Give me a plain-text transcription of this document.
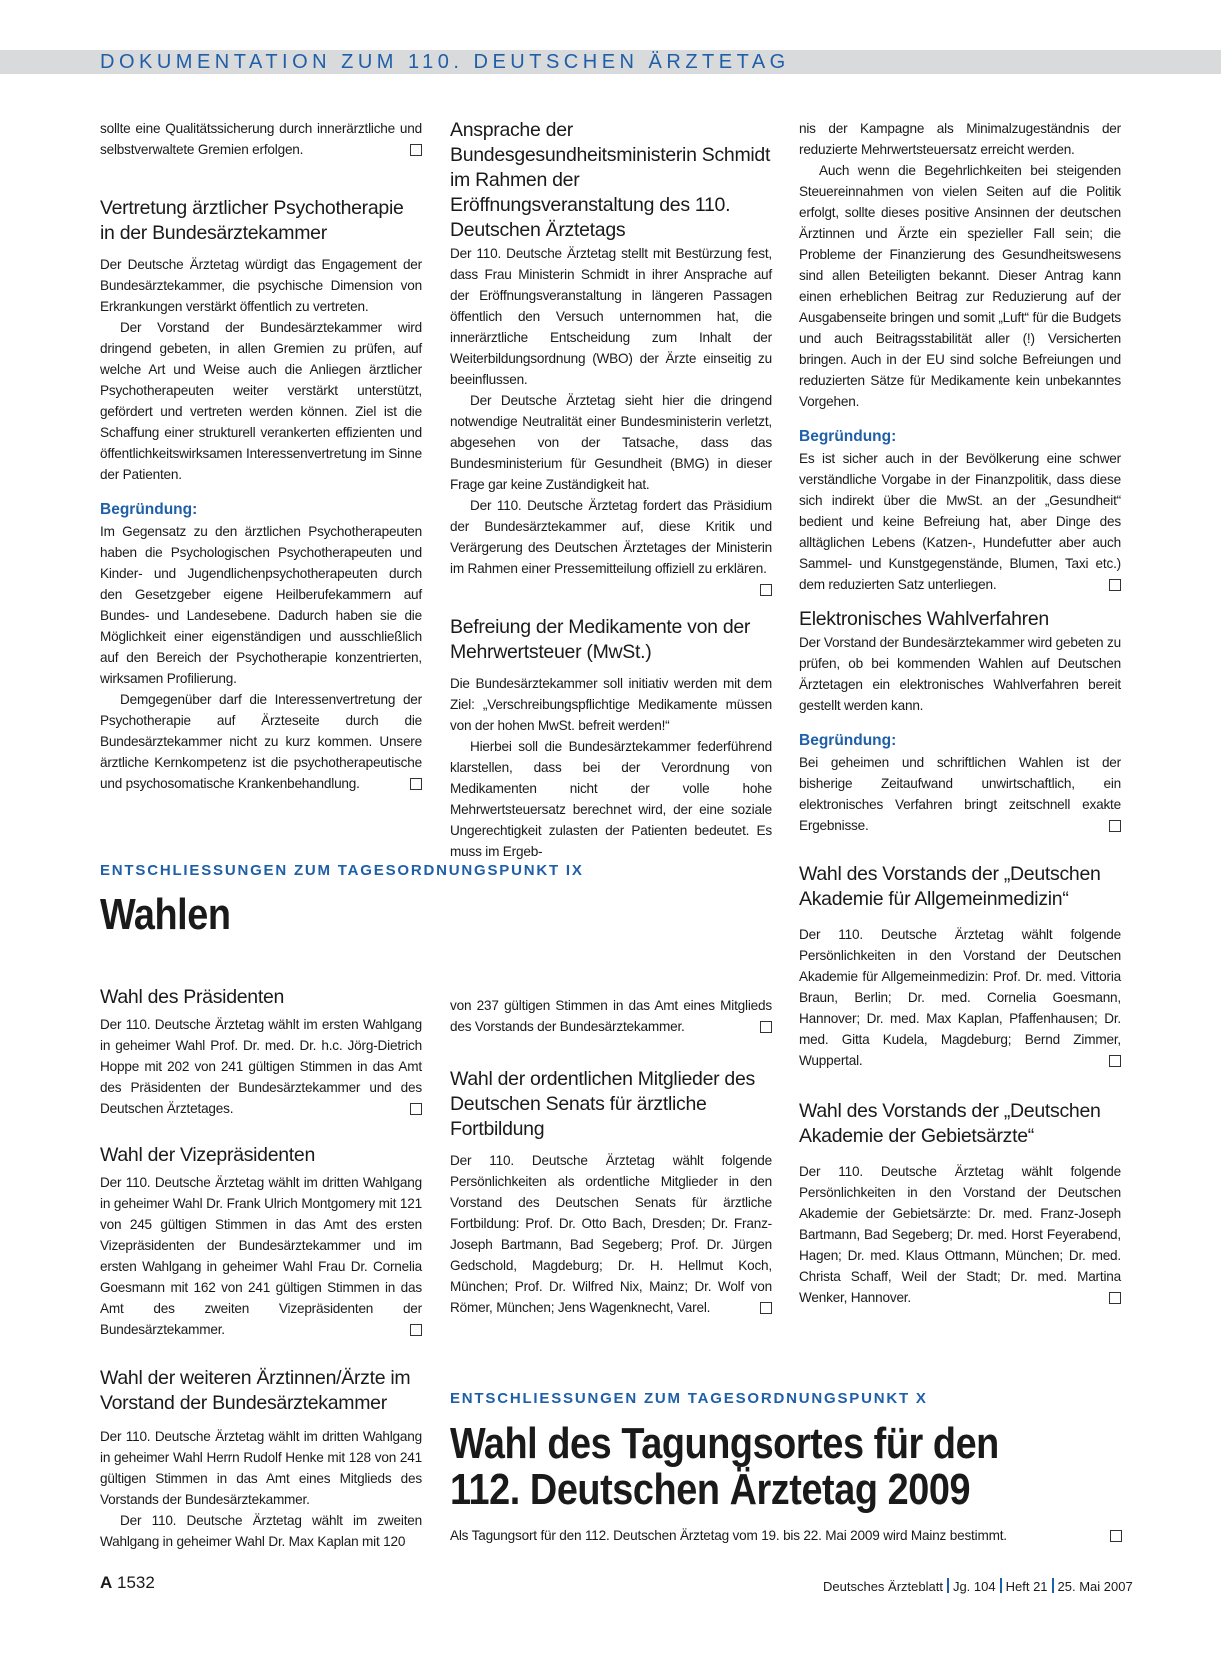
DOKUMENTATION ZUM 110. DEUTSCHEN ÄRZTETAG

sollte eine Qualitätssicherung durch innerärztliche und selbstverwaltete Gremien erfolgen.

Vertretung ärztlicher Psychotherapie in der Bundesärztekammer

Der Deutsche Ärztetag würdigt das Engagement der Bundesärztekammer, die psychische Dimension von Erkrankungen verstärkt öffentlich zu vertreten.

Der Vorstand der Bundesärztekammer wird dringend gebeten, in allen Gremien zu prüfen, auf welche Art und Weise auch die Anliegen ärztlicher Psychotherapeuten weiter verstärkt unterstützt, gefördert und vertreten werden können. Ziel ist die Schaffung einer strukturell verankerten effizienten und öffentlichkeitswirksamen Interessenvertretung im Sinne der Patienten.

Begründung:

Im Gegensatz zu den ärztlichen Psychotherapeuten haben die Psychologischen Psychotherapeuten und Kinder- und Jugendlichenpsychotherapeuten durch den Gesetzgeber eigene Heilberufekammern auf Bundes- und Landesebene. Dadurch haben sie die Möglichkeit einer eigenständigen und ausschließlich auf den Bereich der Psychotherapie konzentrierten, wirksamen Profilierung.

Demgegenüber darf die Interessenvertretung der Psychotherapie auf Ärzteseite durch die Bundesärztekammer nicht zu kurz kommen. Unsere ärztliche Kernkompetenz ist die psychotherapeutische und psychosomatische Krankenbehandlung.

Ansprache der Bundesgesundheitsministerin Schmidt im Rahmen der Eröffnungsveranstaltung des 110. Deutschen Ärztetags

Der 110. Deutsche Ärztetag stellt mit Bestürzung fest, dass Frau Ministerin Schmidt in ihrer Ansprache auf der Eröffnungsveranstaltung in längeren Passagen öffentlich den Versuch unternommen hat, die innerärztliche Entscheidung zum Inhalt der Weiterbildungsordnung (WBO) der Ärzte einseitig zu beeinflussen.

Der Deutsche Ärztetag sieht hier die dringend notwendige Neutralität einer Bundesministerin verletzt, abgesehen von der Tatsache, dass das Bundesministerium für Gesundheit (BMG) in dieser Frage gar keine Zuständigkeit hat.

Der 110. Deutsche Ärztetag fordert das Präsidium der Bundesärztekammer auf, diese Kritik und Verärgerung des Deutschen Ärztetages der Ministerin im Rahmen einer Pressemitteilung offiziell zu erklären.

Befreiung der Medikamente von der Mehrwertsteuer (MwSt.)

Die Bundesärztekammer soll initiativ werden mit dem Ziel: „Verschreibungspflichtige Medikamente müssen von der hohen MwSt. befreit werden!“

Hierbei soll die Bundesärztekammer federführend klarstellen, dass bei der Verordnung von Medikamenten nicht der volle hohe Mehrwertsteuersatz berechnet wird, der eine soziale Ungerechtigkeit zulasten der Patienten bedeutet. Es muss im Ergeb-

nis der Kampagne als Minimalzugeständnis der reduzierte Mehrwertsteuersatz erreicht werden.

Auch wenn die Begehrlichkeiten bei steigenden Steuereinnahmen von vielen Seiten auf die Politik erfolgt, sollte dieses positive Ansinnen der deutschen Ärztinnen und Ärzte ein spezieller Fall sein; die Probleme der Finanzierung des Gesundheitswesens sind allen Beteiligten bekannt. Dieser Antrag kann einen erheblichen Beitrag zur Reduzierung auf der Ausgabenseite bringen und somit „Luft“ für die Budgets und auch Beitragsstabilität aller (!) Versicherten bringen. Auch in der EU sind solche Befreiungen und reduzierten Sätze für Medikamente kein unbekanntes Vorgehen.

Begründung:

Es ist sicher auch in der Bevölkerung eine schwer verständliche Vorgabe in der Finanzpolitik, dass diese sich indirekt über die MwSt. an der „Gesundheit“ bedient und keine Befreiung hat, aber Dinge des alltäglichen Lebens (Katzen-, Hundefutter aber auch Sammel- und Kunstgegenstände, Blumen, Taxi etc.) dem reduzierten Satz unterliegen.

Elektronisches Wahlverfahren

Der Vorstand der Bundesärztekammer wird gebeten zu prüfen, ob bei kommenden Wahlen auf Deutschen Ärztetagen ein elektronisches Wahlverfahren bereit gestellt werden kann.

Begründung:

Bei geheimen und schriftlichen Wahlen ist der bisherige Zeitaufwand unwirtschaftlich, ein elektronisches Verfahren bringt zeitschnell exakte Ergebnisse.

ENTSCHLIESSUNGEN ZUM TAGESORDNUNGSPUNKT IX

Wahlen
Wahl des Präsidenten

Der 110. Deutsche Ärztetag wählt im ersten Wahlgang in geheimer Wahl Prof. Dr. med. Dr. h.c. Jörg-Dietrich Hoppe mit 202 von 241 gültigen Stimmen in das Amt des Präsidenten der Bundesärztekammer und des Deutschen Ärztetages.

Wahl der Vizepräsidenten

Der 110. Deutsche Ärztetag wählt im dritten Wahlgang in geheimer Wahl Dr. Frank Ulrich Montgomery mit 121 von 245 gültigen Stimmen in das Amt des ersten Vizepräsidenten der Bundesärztekammer und im ersten Wahlgang in geheimer Wahl Frau Dr. Cornelia Goesmann mit 162 von 241 gültigen Stimmen in das Amt des zweiten Vizepräsidenten der Bundesärztekammer.

Wahl der weiteren Ärztinnen/Ärzte im Vorstand der Bundesärztekammer

Der 110. Deutsche Ärztetag wählt im dritten Wahlgang in geheimer Wahl Herrn Rudolf Henke mit 128 von 241 gültigen Stimmen in das Amt eines Mitglieds des Vorstands der Bundesärztekammer.

Der 110. Deutsche Ärztetag wählt im zweiten Wahlgang in geheimer Wahl Dr. Max Kaplan mit 120

von 237 gültigen Stimmen in das Amt eines Mitglieds des Vorstands der Bundesärztekammer.

Wahl der ordentlichen Mitglieder des Deutschen Senats für ärztliche Fortbildung

Der 110. Deutsche Ärztetag wählt folgende Persönlichkeiten als ordentliche Mitglieder in den Vorstand des Deutschen Senats für ärztliche Fortbildung: Prof. Dr. Otto Bach, Dresden; Dr. Franz-Joseph Bartmann, Bad Segeberg; Prof. Dr. Jürgen Gedschold, Magdeburg; Dr. H. Hellmut Koch, München; Prof. Dr. Wilfred Nix, Mainz; Dr. Wolf von Römer, München; Jens Wagenknecht, Varel.

Wahl des Vorstands der „Deutschen Akademie für Allgemeinmedizin“

Der 110. Deutsche Ärztetag wählt folgende Persönlichkeiten in den Vorstand der Deutschen Akademie für Allgemeinmedizin: Prof. Dr. med. Vittoria Braun, Berlin; Dr. med. Cornelia Goesmann, Hannover; Dr. med. Max Kaplan, Pfaffenhausen; Dr. med. Gitta Kudela, Magdeburg; Bernd Zimmer, Wuppertal.

Wahl des Vorstands der „Deutschen Akademie der Gebietsärzte“

Der 110. Deutsche Ärztetag wählt folgende Persönlichkeiten in den Vorstand der Deutschen Akademie der Gebietsärzte: Dr. med. Franz-Joseph Bartmann, Bad Segeberg; Dr. med. Horst Feyerabend, Hagen; Dr. med. Klaus Ottmann, München; Dr. med. Christa Schaff, Weil der Stadt; Dr. med. Martina Wenker, Hannover.

ENTSCHLIESSUNGEN ZUM TAGESORDNUNGSPUNKT X

Wahl des Tagungsortes für den
112. Deutschen Ärztetag 2009

Als Tagungsort für den 112. Deutschen Ärztetag vom 19. bis 22. Mai 2009 wird Mainz bestimmt.

A 1532	Deutsches Ärzteblatt Jg. 104 Heft 21 25. Mai 2007
